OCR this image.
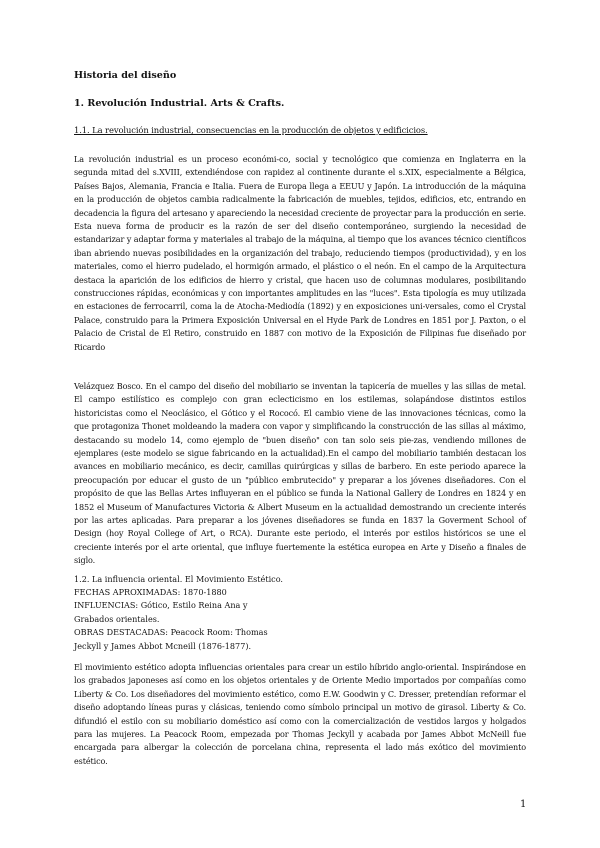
Historia del diseño

1. Revolución Industrial. Arts & Crafts.

1.1. La revolución industrial, consecuencias en la producción de objetos y edificicios.

La revolución industrial es un proceso económi-co, social y tecnológico que comienza en Inglaterra en la segunda mitad del s.XVIII, extendiéndose con rapidez al continente durante el s.XIX, especialmente a Bélgica, Países Bajos, Alemania, Francia e Italia. Fuera de Europa llega a EEUU y Japón. La introducción de la máquina en la producción de objetos cambia radicalmente la fabricación de muebles, tejidos, edificios, etc, entrando en decadencia la figura del artesano y apareciendo la necesidad creciente de proyectar para la producción en serie. Esta nueva forma de producir es la razón de ser del diseño contemporáneo, surgiendo la necesidad de estandarizar y adaptar forma y materiales al trabajo de la máquina, al tiempo que los avances técnico científicos iban abriendo nuevas posibilidades en la organización del trabajo, reduciendo tiempos (productividad), y en los materiales, como el hierro pudelado, el hormigón armado, el plástico o el neón. En el campo de la Arquitectura destaca la aparición de los edificios de hierro y cristal, que hacen uso de columnas modulares, posibilitando construcciones rápidas, económicas y con importantes amplitudes en las "luces". Esta tipología es muy utilizada en estaciones de ferrocarril, coma la de Atocha-Mediodía (1892) y en exposiciones uni-versales, como el Crystal Palace, construido para la Primera Exposición Universal en el Hyde Park de Londres en 1851 por J. Paxton, o el Palacio de Cristal de El Retiro, construido en 1887 con motivo de la Exposición de Filipinas fue diseñado por Ricardo

Velázquez Bosco. En el campo del diseño del mobiliario se inventan la tapicería de muelles y las sillas de metal. El campo estilístico es complejo con gran eclecticismo en los estilemas, solapándose distintos estilos historicistas como el Neoclásico, el Gótico y el Rococó. El cambio viene de las innovaciones técnicas, como la que protagoniza Thonet moldeando la madera con vapor y simplificando la construcción de las sillas al máximo, destacando su modelo 14, como ejemplo de "buen diseño" con tan solo seis pie-zas, vendiendo millones de ejemplares (este modelo se sigue fabricando en la actualidad).En el campo del mobiliario también destacan los avances en mobiliario mecánico, es decir, camillas quirúrgicas y sillas de barbero. En este periodo aparece la preocupación por educar el gusto de un "público embrutecido" y preparar a los jóvenes diseñadores. Con el propósito de que las Bellas Artes influyeran en el público se funda la National Gallery de Londres en 1824 y en 1852 el Museum of Manufactures Victoria & Albert Museum en la actualidad demostrando un creciente interés por las artes aplicadas. Para preparar a los jóvenes diseñadores se funda en 1837 la Goverment School of Design (hoy Royal College of Art, o RCA). Durante este periodo, el interés por estilos históricos se une el creciente interés por el arte oriental, que influye fuertemente la estética europea en Arte y Diseño a finales de siglo.

1.2. La influencia oriental. El Movimiento Estético.

FECHAS APROXIMADAS: 1870-1880
INFLUENCIAS: Gótico, Estilo Reina Ana y
Grabados orientales.
OBRAS DESTACADAS: Peacock Room: Thomas
Jeckyll y James Abbot Mcneill (1876-1877).

El movimiento estético adopta influencias orientales para crear un estilo híbrido anglo-oriental. Inspirándose en los grabados japoneses así como en los objetos orientales y de Oriente Medio importados por compañías como Liberty & Co. Los diseñadores del movimiento estético, como E.W. Goodwin y C. Dresser, pretendían reformar el diseño adoptando líneas puras y clásicas, teniendo como símbolo principal un motivo de girasol. Liberty & Co. difundió el estilo con su mobiliario doméstico así como con la comercialización de vestidos largos y holgados para las mujeres. La Peacock Room, empezada por Thomas Jeckyll y acabada por James Abbot McNeill fue encargada para albergar la colección de porcelana china, representa el lado más exótico del movimiento estético.

1
